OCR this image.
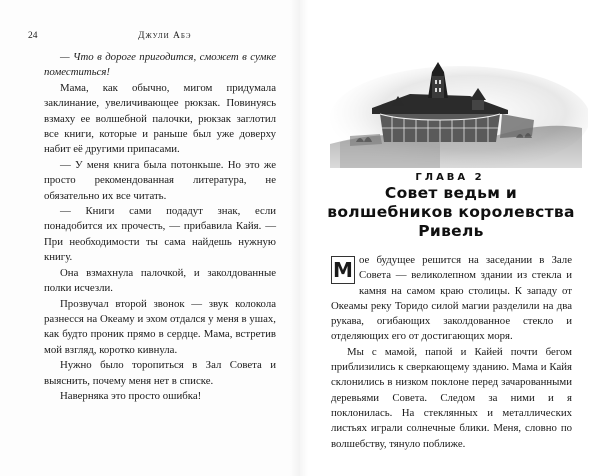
24	Джули Абэ

— Что в дороге пригодится, сможет в сумке поместиться!

Мама, как обычно, мигом придумала заклинание, увеличивающее рюкзак. Повинуясь взмаху ее волшебной палочки, рюкзак заглотил все книги, которые и раньше был уже доверху набит её другими припасами.

— У меня книга была потонкьше. Но это же просто рекомендованная литература, не обязательно их все читать.

— Книги сами подадут знак, если понадобится их прочесть, — прибавила Кайя. — При необходимости ты сама найдешь нужную книгу.

Она взмахнула палочкой, и заколдованные полки исчезли.

Прозвучал второй звонок — звук колокола разнесся на Океаму и эхом отдался у меня в ушах, как будто проник прямо в сердце. Мама, встретив мой взгляд, коротко кивнула.

Нужно было торопиться в Зал Совета и выяснить, почему меня нет в списке.

Наверняка это просто ошибка!

ГЛАВА 2
Совет ведьм и волшебников королевства Ривель

М ое будущее решится на заседании в Зале Совета — великолепном здании из стекла и камня на самом краю столицы. К западу от Океамы реку Торидо силой магии разделили на два рукава, огибающих заколдованное стекло и отделяющих его от достигающих моря.

Мы с мамой, папой и Кайей почти бегом приблизились к сверкающему зданию. Мама и Кайя склонились в низком поклоне перед зачарованными деревьями Совета. Следом за ними и я поклонилась. На стеклянных и металлических листьях играли солнечные блики. Меня, словно по волшебству, тянуло поближе.
